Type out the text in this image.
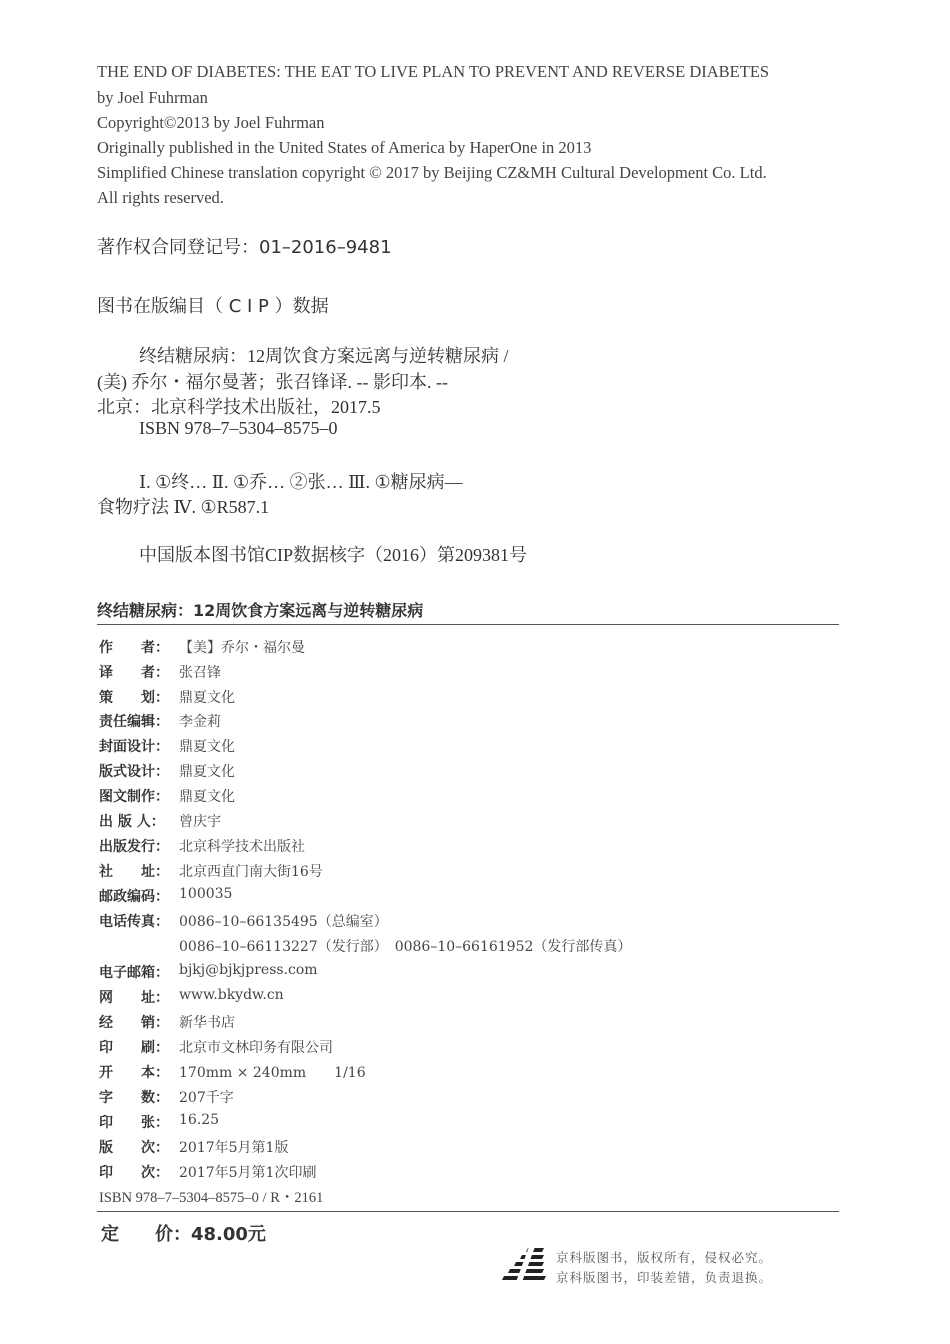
THE END OF DIABETES: THE EAT TO LIVE PLAN TO PREVENT AND REVERSE DIABETES
by Joel Fuhrman
Copyright©2013 by Joel Fuhrman
Originally published in the United States of America by HaperOne in 2013
Simplified Chinese translation copyright © 2017 by Beijing CZ&MH Cultural Development Co. Ltd.
All rights reserved.
著作权合同登记号：01–2016–9481
图书在版编目（ C I P ）数据
终结糖尿病：12周饮食方案远离与逆转糖尿病 /
(美) 乔尔・福尔曼著；张召锋译. -- 影印本. --
北京：北京科学技术出版社，2017.5
ISBN 978–7–5304–8575–0
Ⅰ. ①终… Ⅱ. ①乔… ②张… Ⅲ. ①糖尿病—
食物疗法 Ⅳ. ①R587.1
中国版本图书馆CIP数据核字（2016）第209381号
终结糖尿病：12周饮食方案远离与逆转糖尿病
作　　者： 【美】乔尔・福尔曼
译　　者： 张召锋
策　　划： 鼎夏文化
责任编辑： 李金莉
封面设计： 鼎夏文化
版式设计： 鼎夏文化
图文制作： 鼎夏文化
出 版 人：	曾庆宇
出版发行： 北京科学技术出版社
社　　址： 北京西直门南大街16号
邮政编码： 100035
电话传真： 0086–10–66135495（总编室）
0086–10–66113227（发行部）　0086–10–66161952（发行部传真）
电子邮箱： bjkj@bjkjpress.com
网　　址： www.bkydw.cn
经　　销： 新华书店
印　　刷： 北京市文林印务有限公司
开　　本： 170mm × 240mm　　1/16
字　　数： 207千字
印　　张： 16.25
版　　次： 2017年5月第1版
印　　次： 2017年5月第1次印刷
ISBN 978–7–5304–8575–0 / R・2161
定　　价：48.00元
京科版图书，版权所有，侵权必究。
京科版图书，印装差错，负责退换。
